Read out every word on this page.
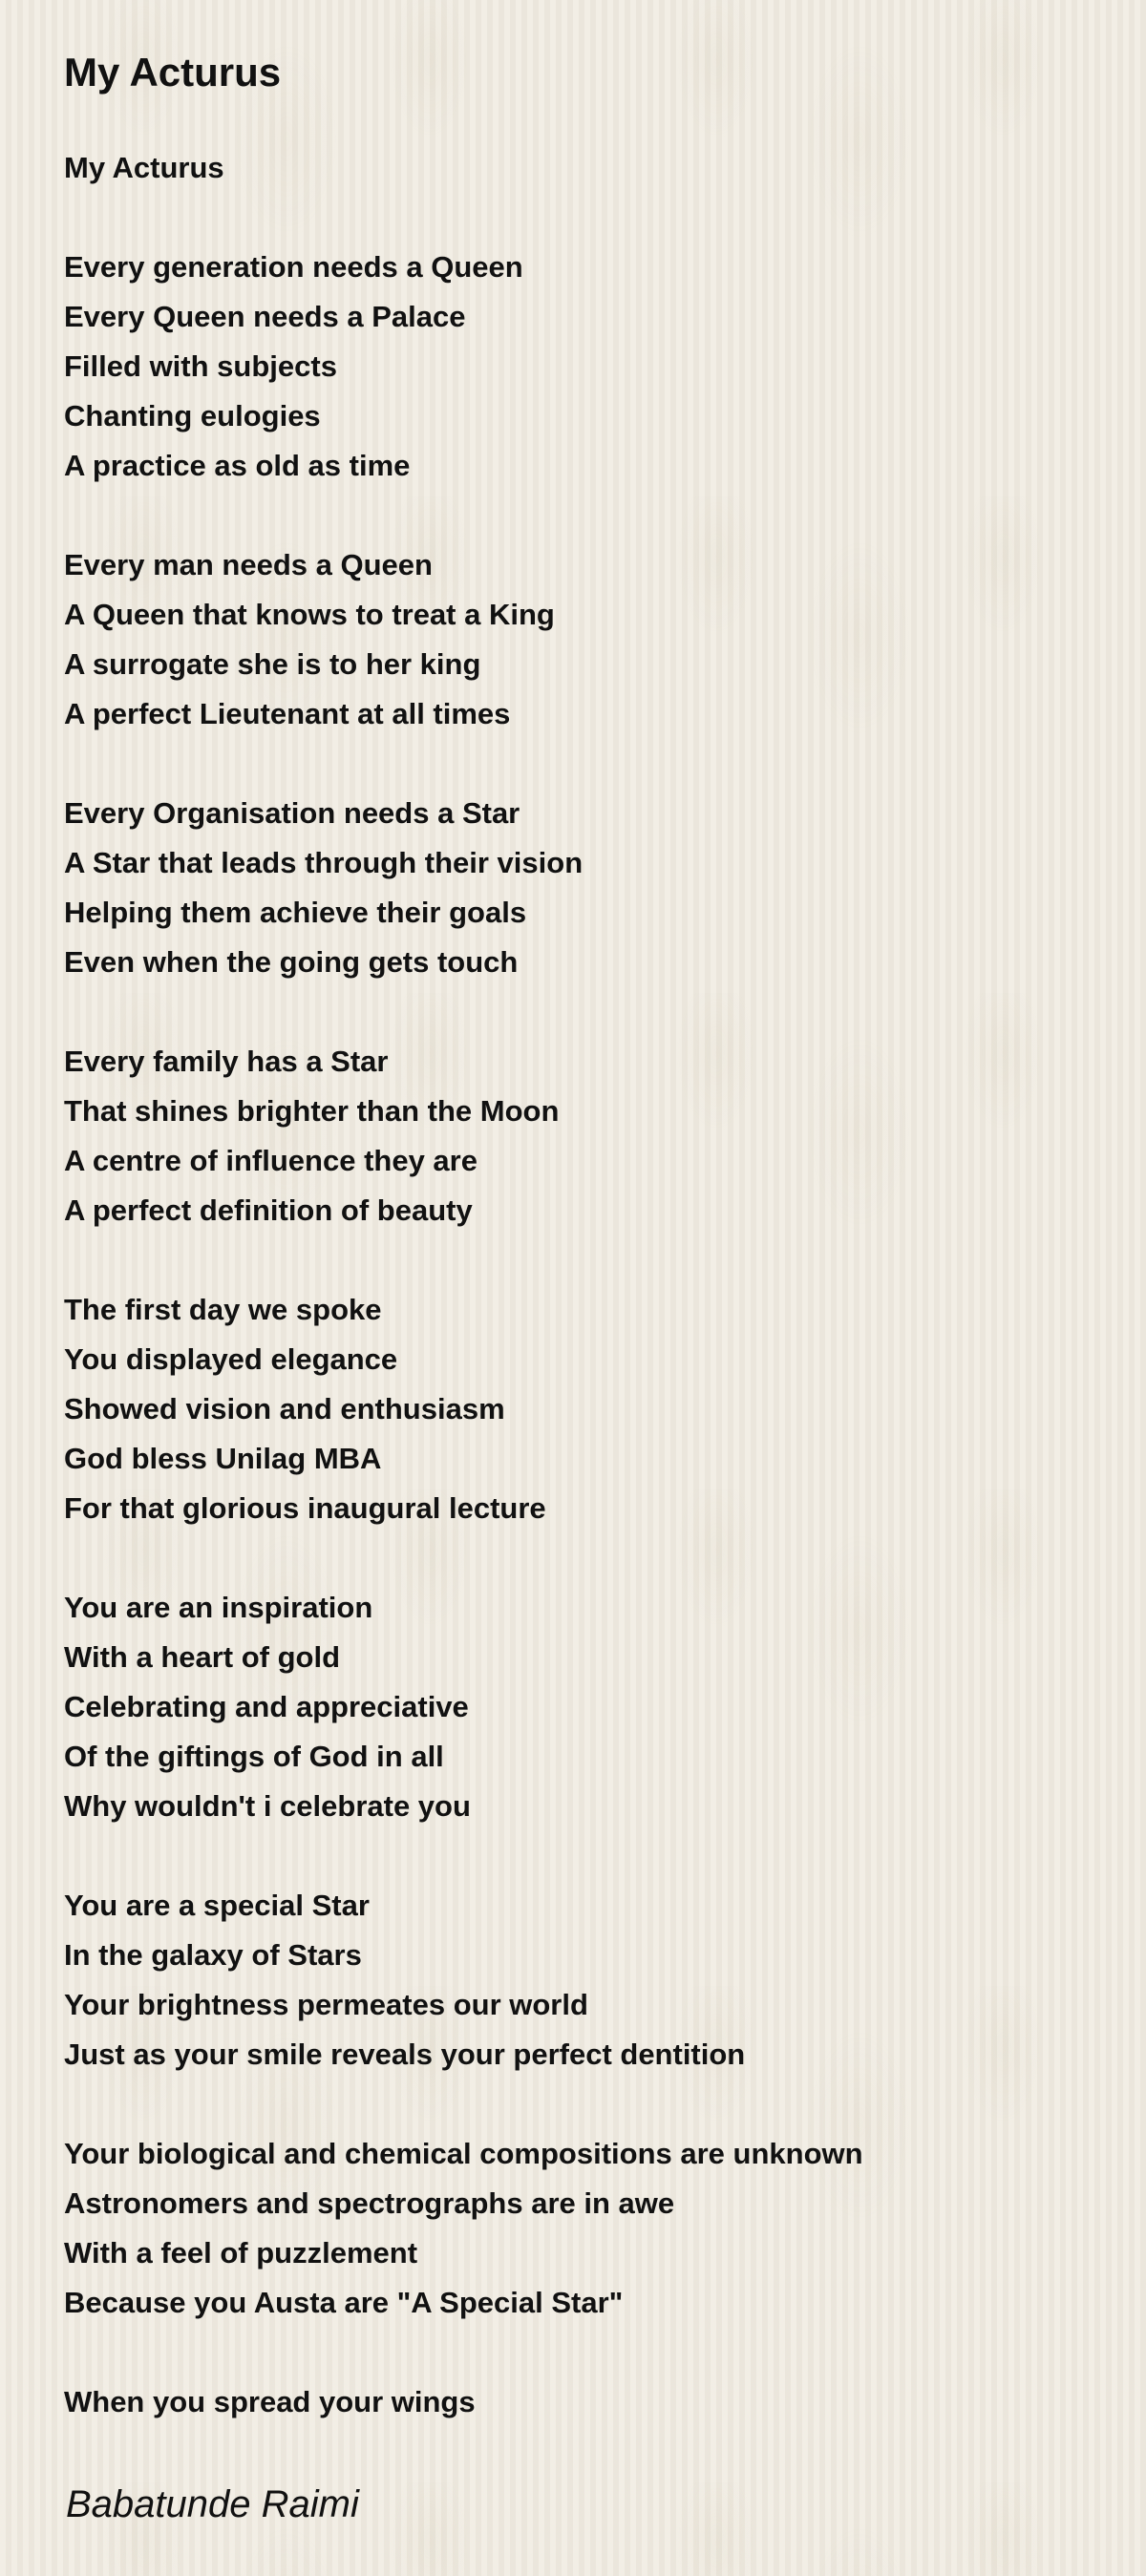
My Acturus
My Acturus
Every generation needs a Queen
Every Queen needs a Palace
Filled with subjects
Chanting eulogies
A practice as old as time
Every man needs a Queen
A Queen that knows to treat a King
A surrogate she is to her king
A perfect Lieutenant at all times
Every Organisation needs a Star
A Star that leads through their vision
Helping them achieve their goals
Even when the going gets touch
Every family has a Star
That shines brighter than the Moon
A centre of influence they are
A perfect definition of beauty
The first day we spoke
You displayed elegance
Showed vision and enthusiasm
God bless Unilag MBA
For that glorious inaugural lecture
You are an inspiration
With a heart of gold
Celebrating and appreciative
Of the giftings of God in all
Why wouldn't i celebrate you
You are a special Star
In the galaxy of Stars
Your brightness permeates our world
Just as your smile reveals your perfect dentition
Your biological and chemical compositions are unknown
Astronomers and spectrographs are in awe
With a feel of puzzlement
Because you Austa are "A Special Star"
When you spread your wings
Babatunde Raimi
